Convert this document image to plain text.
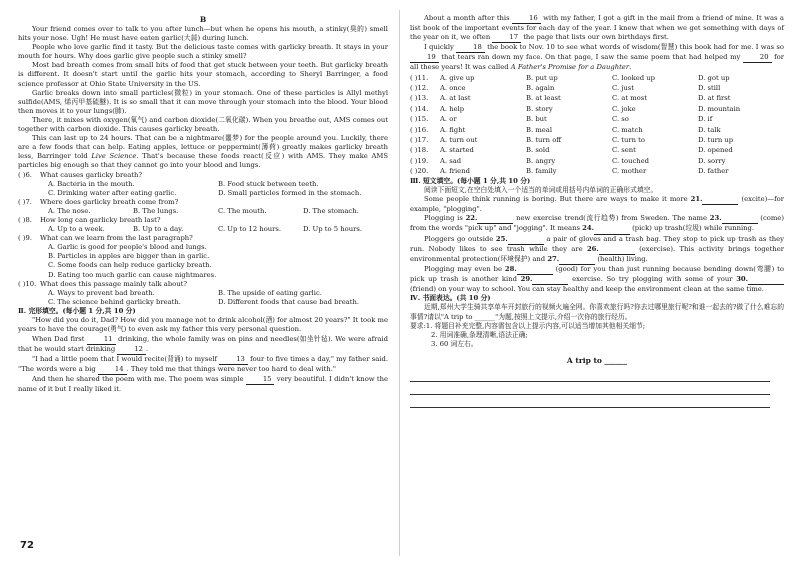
B

Your friend comes over to talk to you after lunch—but when he opens his mouth, a stinky(臭的) smell hits your nose. Ugh! He must have eaten garlic(大蒜) during lunch.

People who love garlic find it tasty. But the delicious taste comes with garlicky breath. It stays in your mouth for hours. Why does garlic give people such a stinky smell?

Most bad breath comes from small bits of food that get stuck between your teeth. But garlicky breath is different. It doesn't start until the garlic hits your stomach, according to Sheryl Barringer, a food science professor at Ohio State University in the US.

Garlic breaks down into small particles(微粒) in your stomach. One of these particles is Allyl methyl sulfide(AMS, 烯丙甲基硫醚). It is so small that it can move through your stomach into the blood. Your blood then moves it to your lungs(肺).

There, it mixes with oxygen(氧气) and carbon dioxide(二氧化碳). When you breathe out, AMS comes out together with carbon dioxide. This causes garlicky breath.

This can last up to 24 hours. That can be a nightmare(噩梦) for the people around you. Luckily, there are a few foods that can help. Eating apples, lettuce or peppermint(薄荷) greatly makes garlicky breath less, Barringer told Live Science. That's because these foods react(反应) with AMS. They make AMS particles big enough so that they cannot go into your blood and lungs.

( )6.	What causes garlicky breath?
A. Bacteria in the mouth.	B. Food stuck between teeth.
C. Drinking water after eating garlic.	D. Small particles formed in the stomach.
( )7.	Where does garlicky breath come from?
A. The nose.	B. The lungs.	C. The mouth.	D. The stomach.
( )8.	How long can garlicky breath last?
A. Up to a week.	B. Up to a day.	C. Up to 12 hours.	D. Up to 5 hours.
( )9.	What can we learn from the last paragraph?
A. Garlic is good for people's blood and lungs.
B. Particles in apples are bigger than in garlic.
C. Some foods can help reduce garlicky breath.
D. Eating too much garlic can cause nightmares.
( )10. What does this passage mainly talk about?
A. Ways to prevent bad breath.	B. The upside of eating garlic.
C. The science behind garlicky breath.	D. Different foods that cause bad breath.
Ⅱ. 完形填空。(每小题 1 分,共 10 分)

"How did you do it, Dad? How did you manage not to drink alcohol(酒) for almost 20 years?" It took me years to have the courage(勇气) to even ask my father this very personal question.

When Dad first	11 drinking, the whole family was on pins and needles(如坐针毡). We were afraid that he would start drinking	12 .

"I had a little poem that I would recite(背诵) to myself	13 four to five times a day," my father said. "The words were a big	14 . They told me that things were never too hard to deal with."

And then he shared the poem with me. The poem was simple	15 very beautiful. I didn't know the name of it but I really liked it.

About a month after this	16 with my father, I got a gift in the mail from a friend of mine. It was a list book of the important events for each day of the year. I knew that when we get something with days of the year on it, we often	17 the page that lists our own birthdays first.

I quickly	18 the book to Nov. 10 to see what words of wisdom(智慧) this book had for me. I was so 19 that tears ran down my face. On that page, I saw the same poem that had helped my	20 for all these years! It was called A Father's Promise for a Daughter.

( )11.	A. give up	B. put up	C. looked up	D. got up
( )12.	A. once	B. again	C. just	D. still
( )13.	A. at last	B. at least	C. at most	D. at first
( )14.	A. help	B. story	C. joke	D. mountain
( )15.	A. or	B. but	C. so	D. if
( )16.	A. fight	B. meal	C. match	D. talk
( )17.	A. turn out	B. turn off	C. turn to	D. turn up
( )18.	A. started	B. sold	C. sent	D. opened
( )19.	A. sad	B. angry	C. touched	D. sorry
( )20.	A. friend	B. family	C. mother	D. father
Ⅲ. 短文填空。(每小题 1 分,共 10 分)

阅读下面短文,在空白处填入一个适当的单词或用括号内单词的正确形式填空。

Some people think running is boring. But there are ways to make it more 21.	(excite)—for example, "plogging".

Plogging is 22.	new exercise trend(流行趋势) from Sweden. The name 23.	(come) from the words "pick up" and "jogging". It means 24.	(pick) up trash(垃圾) while running.

Ploggers go outside 25.	a pair of gloves and a trash bag. They stop to pick up trash as they run. Nobody likes to see trash while they are 26.	(exercise). This activity brings together environmental protection(环境保护) and 27.	(health) living.

Plogging may even be 28.	(good) for you than just running because bending down(弯腰) to pick up trash is another kind 29.	exercise. So try plogging with some of your 30.  (friend) on your way to school. You can stay healthy and keep the environment clean at the same time.

Ⅳ. 书面表达。(共 10 分)

近期,郑州大学生骑共享单车开封旅行的视频火遍全网。你喜欢旅行吗?你去过哪里旅行呢?和谁一起去的?做了什么难忘的事情?请以"A trip to ______"为题,按照上文提示,介绍一次你的旅行经历。

要求:1. 将题目补充完整,内容需包含以上提示内容,可以适当增加其他相关细节;

2. 用词准确,条理清晰,语法正确;

3. 60 词左右。

A trip to ______
72
